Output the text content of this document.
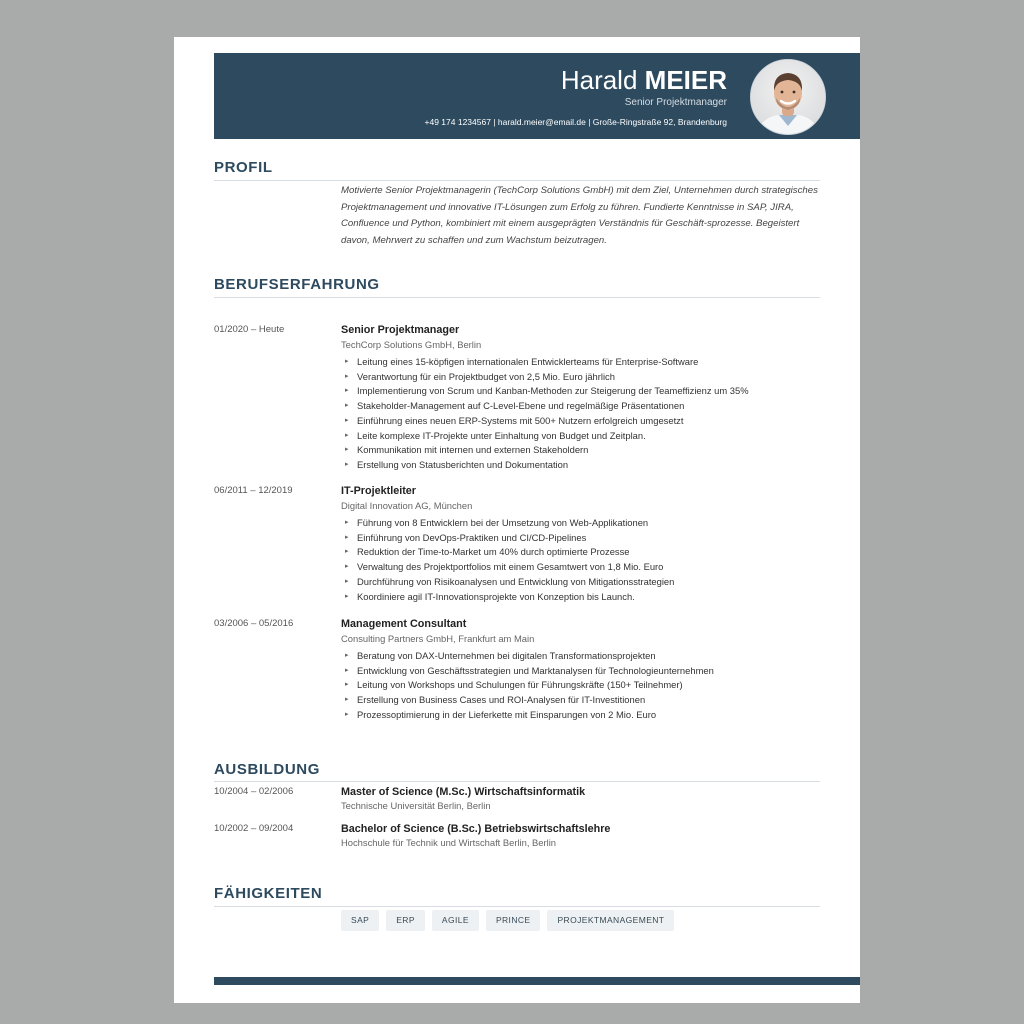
Harald MEIER
Senior Projektmanager
+49 174 1234567 | harald.meier@email.de | Große-Ringstraße 92, Brandenburg
PROFIL
Motivierte Senior Projektmanagerin (TechCorp Solutions GmbH) mit dem Ziel, Unternehmen durch strategisches Projektmanagement und innovative IT-Lösungen zum Erfolg zu führen. Fundierte Kenntnisse in SAP, JIRA, Confluence und Python, kombiniert mit einem ausgeprägten Verständnis für Geschäft-sprozesse. Begeistert davon, Mehrwert zu schaffen und zum Wachstum beizutragen.
BERUFSERFAHRUNG
01/2020 – Heute	Senior Projektmanager
TechCorp Solutions GmbH, Berlin
▸ Leitung eines 15-köpfigen internationalen Entwicklerteams für Enterprise-Software
▸ Verantwortung für ein Projektbudget von 2,5 Mio. Euro jährlich
▸ Implementierung von Scrum und Kanban-Methoden zur Steigerung der Teameffizienz um 35%
▸ Stakeholder-Management auf C-Level-Ebene und regelmäßige Präsentationen
▸ Einführung eines neuen ERP-Systems mit 500+ Nutzern erfolgreich umgesetzt
▸ Leite komplexe IT-Projekte unter Einhaltung von Budget und Zeitplan.
▸ Kommunikation mit internen und externen Stakeholdern
▸ Erstellung von Statusberichten und Dokumentation
06/2011 – 12/2019	IT-Projektleiter
Digital Innovation AG, München
▸ Führung von 8 Entwicklern bei der Umsetzung von Web-Applikationen
▸ Einführung von DevOps-Praktiken und CI/CD-Pipelines
▸ Reduktion der Time-to-Market um 40% durch optimierte Prozesse
▸ Verwaltung des Projektportfolios mit einem Gesamtwert von 1,8 Mio. Euro
▸ Durchführung von Risikoanalysen und Entwicklung von Mitigationsstrategien
▸ Koordiniere agil IT-Innovationsprojekte von Konzeption bis Launch.
03/2006 – 05/2016	Management Consultant
Consulting Partners GmbH, Frankfurt am Main
▸ Beratung von DAX-Unternehmen bei digitalen Transformationsprojekten
▸ Entwicklung von Geschäftsstrategien und Marktanalysen für Technologieunternehmen
▸ Leitung von Workshops und Schulungen für Führungskräfte (150+ Teilnehmer)
▸ Erstellung von Business Cases und ROI-Analysen für IT-Investitionen
▸ Prozessoptimierung in der Lieferkette mit Einsparungen von 2 Mio. Euro
AUSBILDUNG
10/2004 – 02/2006	Master of Science (M.Sc.) Wirtschaftsinformatik
Technische Universität Berlin, Berlin
10/2002 – 09/2004	Bachelor of Science (B.Sc.) Betriebswirtschaftslehre
Hochschule für Technik und Wirtschaft Berlin, Berlin
FÄHIGKEITEN
SAP	ERP	AGILE	PRINCE	PROJEKTMANAGEMENT
